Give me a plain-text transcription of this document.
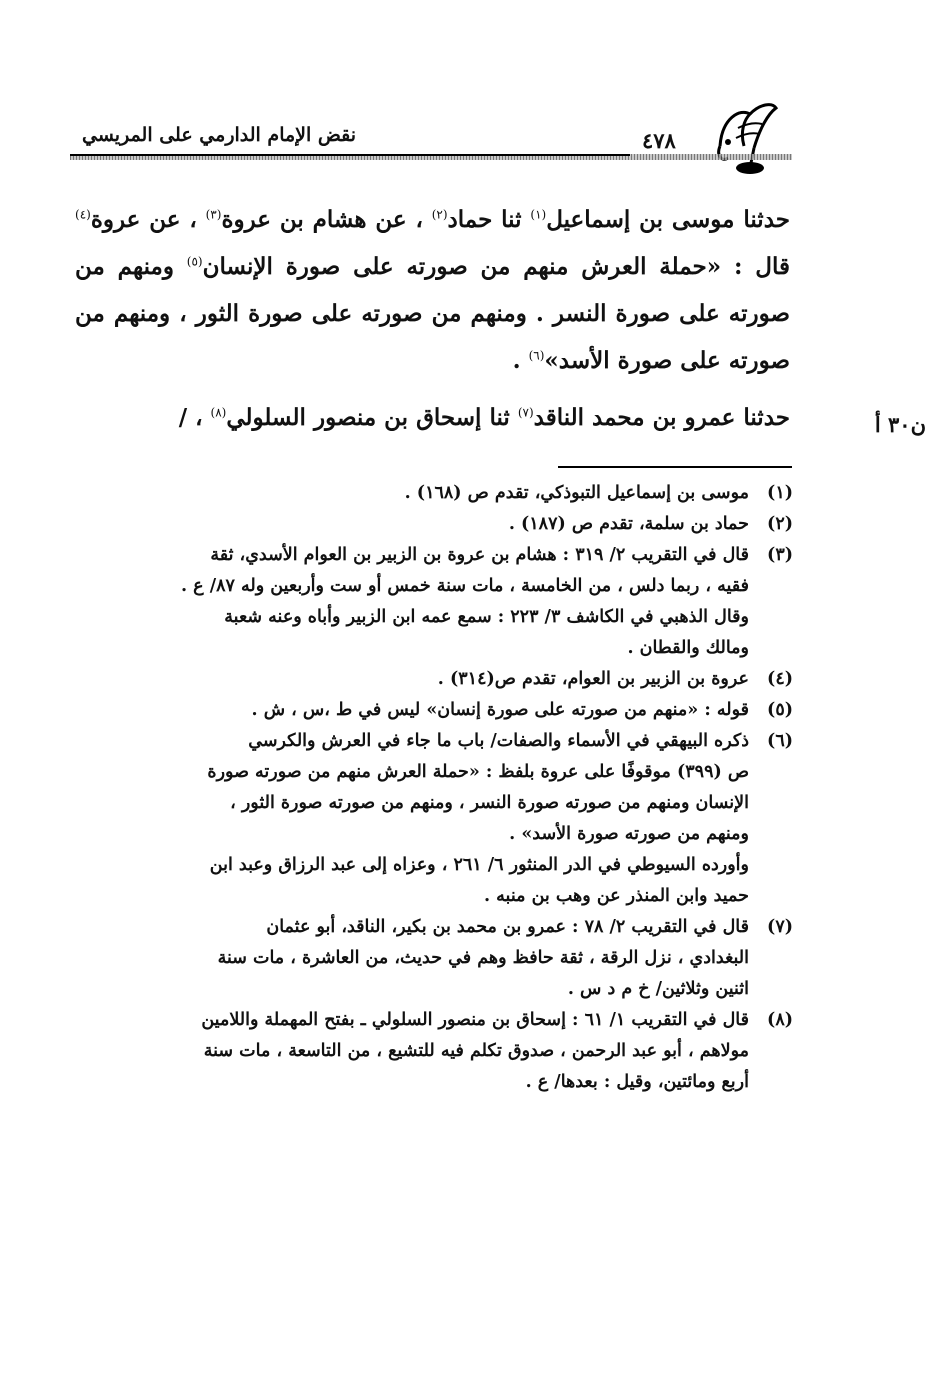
نقض الإمام الدارمي على المريسي	٤٧٨

حدثنا موسى بن إسماعيل$^{(١)}$ ثنا حماد$^{(٢)}$ ، عن هشام بن عروة$^{(٣)}$ ، عن عروة$^{(٤)}$ قال : «حملة العرش منهم من صورته على صورة الإنسان$^{(٥)}$ ومنهم من صورته على صورة النسر . ومنهم من صورته على صورة الثور ، ومنهم من صورته على صورة الأسد»$^{(٦)}$ .

حدثنا عمرو بن محمد الناقد$^{(٧)}$ ثنا إسحاق بن منصور السلولي$^{(٨)}$ ، /	ن٣٠ أ
(١)
موسى بن إسماعيل التبوذكي، تقدم ص (١٦٨) .
(٢)
حماد بن سلمة، تقدم ص (١٨٧) .
(٣)
قال في التقريب ٢/ ٣١٩ : هشام بن عروة بن الزبير بن العوام الأسدي، ثقة
فقيه ، ربما دلس ، من الخامسة ، مات سنة خمس أو ست وأربعين وله ٨٧/ ع .
وقال الذهبي في الكاشف ٣/ ٢٢٣ : سمع عمه ابن الزبير وأباه وعنه شعبة
ومالك والقطان .
(٤)
عروة بن الزبير بن العوام، تقدم ص(٣١٤) .
(٥)
قوله : «منهم من صورته على صورة إنسان» ليس في ط ،س ، ش .
(٦)
ذكره البيهقي في الأسماء والصفات/ باب ما جاء في العرش والكرسي
ص (٣٩٩) موقوفًا على عروة بلفظ : «حملة العرش منهم من صورته صورة
الإنسان ومنهم من صورته صورة النسر ، ومنهم من صورته صورة الثور ،
ومنهم من صورته صورة الأسد» .
وأورده السيوطي في الدر المنثور ٦/ ٢٦١ ، وعزاه إلى عبد الرزاق وعبد ابن
حميد وابن المنذر عن وهب بن منبه .
(٧)
قال في التقريب ٢/ ٧٨ : عمرو بن محمد بن بكير، الناقد، أبو عثمان
البغدادي ، نزل الرقة ، ثقة حافظ وهم في حديث، من العاشرة ، مات سنة
اثنين وثلاثين/ خ م د س .
(٨)
قال في التقريب ١/ ٦١ : إسحاق بن منصور السلولي ـ بفتح المهملة واللامين
مولاهم ، أبو عبد الرحمن ، صدوق تكلم فيه للتشيع ، من التاسعة ، مات سنة
أربع ومائتين، وقيل : بعدها/ ع .
